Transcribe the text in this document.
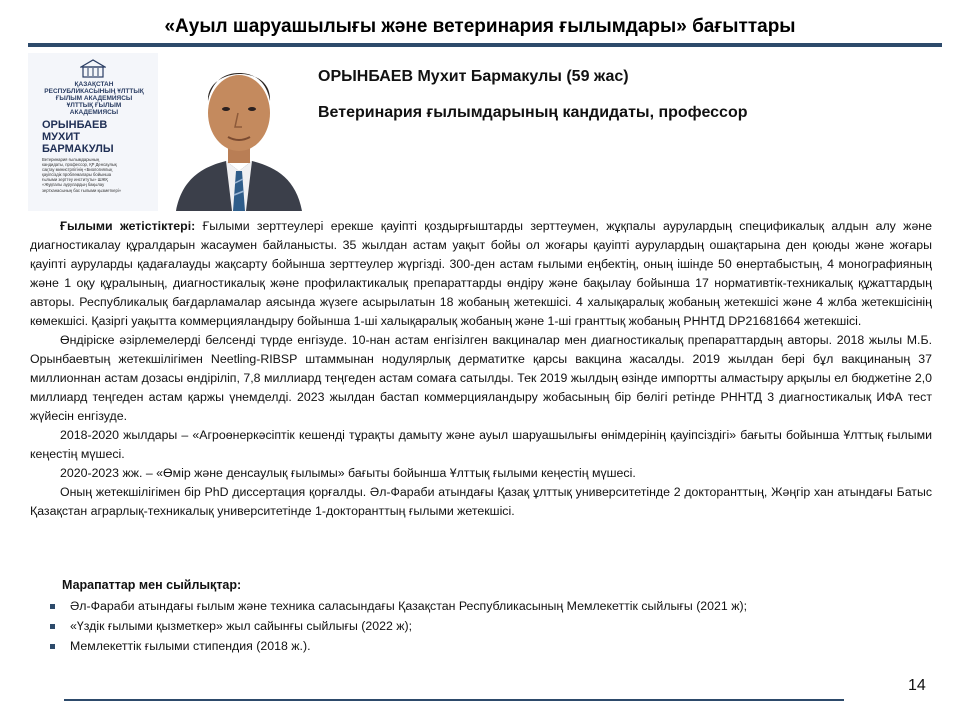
«Ауыл шаруашылығы және ветеринария ғылымдары» бағыттары
ҚАЗАҚСТАН РЕСПУБЛИКАСЫНЫҢ ҰЛТТЫҚ ҒЫЛЫМ АКАДЕМИЯСЫ ҰЛТТЫҚ ҒЫЛЫМ АКАДЕМИЯСЫ
ОРЫНБАЕВ
МУХИТ
БАРМАКУЛЫ
Ветеринария ғылымдарының
кандидаты, профессор, ҚР Денсаулық
сақтау министрлігінің «Биологиялық
қауіпсіздік проблемалары бойынша
ғылыми зерттеу институты» ШЖҚ
«Жұқпалы аурулардың бақылау
зертханасының бас ғылыми қызметкері»
ОРЫНБАЕВ Мухит Бармакулы (59 жас)
Ветеринария ғылымдарының кандидаты, профессор

Ғылыми жетістіктері: Ғылыми зерттеулері ерекше қауіпті қоздырғыштарды зерттеумен, жұқпалы аурулардың спецификалық алдын алу және диагностикалау құралдарын жасаумен байланысты. 35 жылдан астам уақыт бойы ол жоғары қауіпті аурулардың ошақтарына ден қоюды және жоғары қауіпті ауруларды қадағалауды жақсарту бойынша зерттеулер жүргізді. 300-ден астам ғылыми еңбектің, оның ішінде 50 өнертабыстың, 4 монографияның және 1 оқу құралының, диагностикалық және профилактикалық препараттарды өндіру және бақылау бойынша 17 нормативтік-техникалық құжаттардың авторы. Республикалық бағдарламалар аясында жүзеге асырылатын 18 жобаның жетекшісі. 4 халықаралық жобаның жетекшісі және 4 жлба жетекшісінің көмекшісі. Қазіргі уақытта коммерцияландыру бойынша 1-ші халықаралық жобаның және 1-ші гранттық жобаның РННТД DP21681664 жетекшісі.

Өндіріске әзірлемелерді белсенді түрде енгізуде. 10-нан астам енгізілген вакциналар мен диагностикалық препараттардың авторы. 2018 жылы М.Б. Орынбаевтың жетекшілігімен Neetling-RIBSP штаммынан нодулярлық дерматитке қарсы вакцина жасалды. 2019 жылдан бері бұл вакцинаның 37 миллионнан астам дозасы өндіріліп, 7,8 миллиард теңгеден астам сомаға сатылды. Тек 2019 жылдың өзінде импортты алмастыру арқылы ел бюджетіне 2,0 миллиард теңгеден астам қаржы үнемделді. 2023 жылдан бастап коммерцияландыру жобасының бір бөлігі ретінде РННТД 3 диагностикалық ИФА тест жүйесін енгізуде.

2018-2020 жылдары – «Агроөнеркәсіптік кешенді тұрақты дамыту және ауыл шаруашылығы өнімдерінің қауіпсіздігі» бағыты бойынша Ұлттық ғылыми кеңестің мүшесі.

2020-2023 жж. – «Өмір және денсаулық ғылымы» бағыты бойынша Ұлттық ғылыми кеңестің мүшесі.

Оның жетекшілігімен бір PhD диссертация қорғалды. Әл-Фараби атындағы Қазақ ұлттық университетінде 2 докторанттың, Жәңгір хан атындағы Батыс Қазақстан аграрлық-техникалық университетінде 1-докторанттың ғылыми жетекшісі.

Марапаттар мен сыйлықтар:
Әл-Фараби атындағы ғылым және техника саласындағы Қазақстан Республикасының Мемлекеттік сыйлығы (2021 ж);
«Үздік ғылыми қызметкер» жыл сайынғы сыйлығы (2022 ж);
Мемлекеттік ғылыми стипендия (2018 ж.).
14
